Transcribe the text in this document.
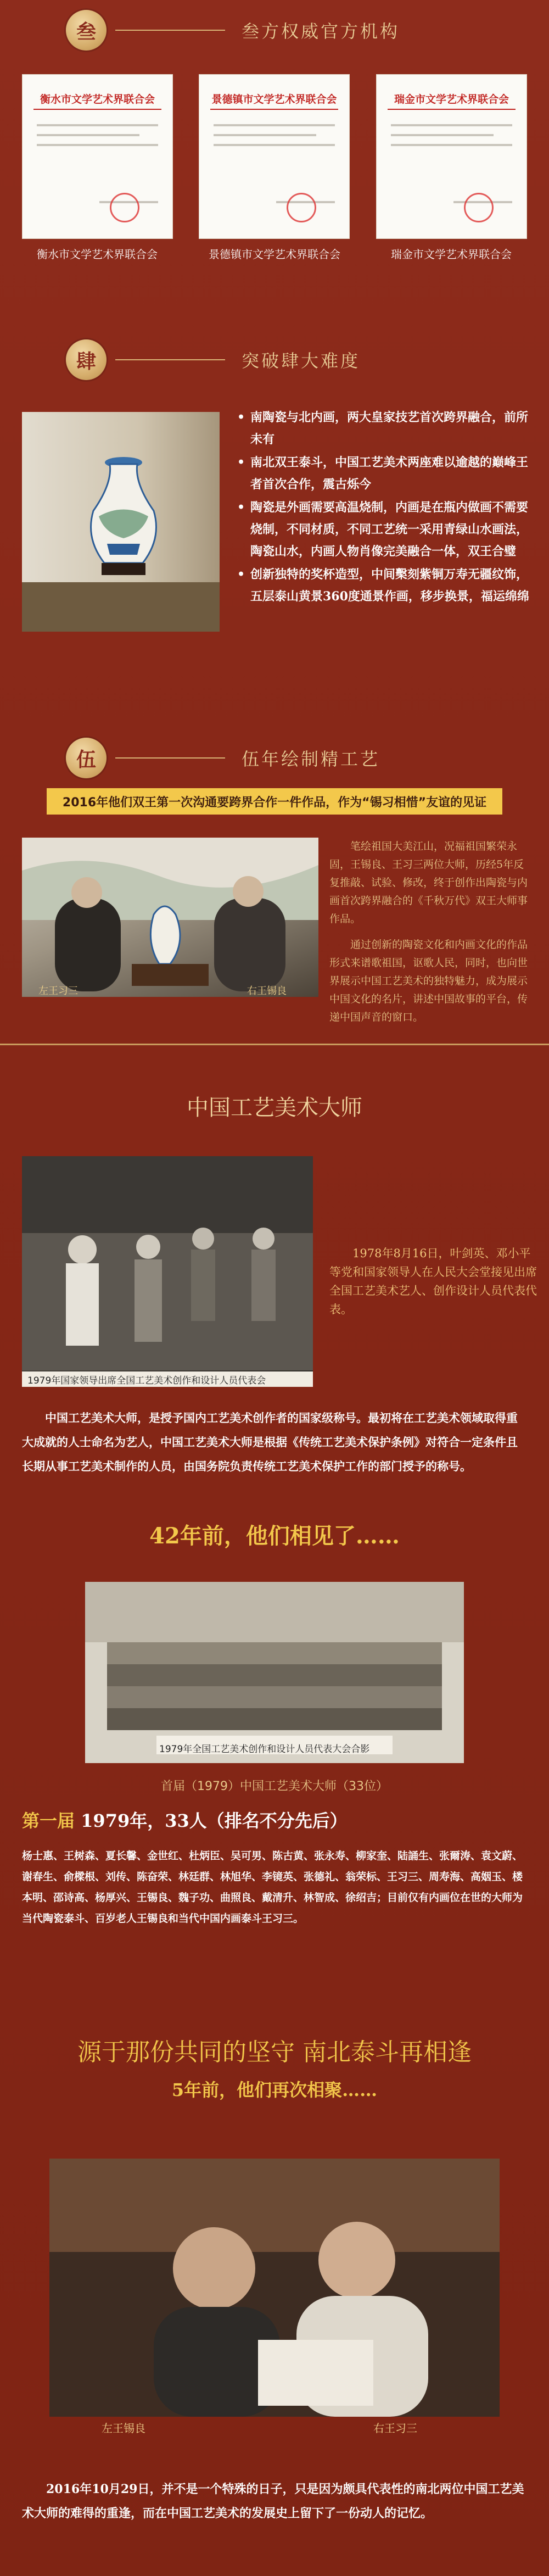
叁	叁方权威官方机构
衡水市文学艺术界联合会	景德镇市文学艺术界联合会	瑞金市文学艺术界联合会
衡水市文学艺术界联合会	景德镇市文学艺术界联合会	瑞金市文学艺术界联合会
肆	突破肆大难度
• 南陶瓷与北内画，两大皇家技艺首次跨界融合，前所未有
• 南北双王泰斗，中国工艺美术两座难以逾越的巅峰王者首次合作，震古烁今
• 陶瓷是外画需要高温烧制，内画是在瓶内做画不需要烧制，不同材质，不同工艺统一采用青绿山水画法，陶瓷山水，内画人物肖像完美融合一体，双王合璧
• 创新独特的奖杯造型，中间檕刻紫铜万寿无疆纹饰，五层泰山黄景360度通景作画，移步换景，福运绵绵
伍	伍年绘制精工艺
2016年他们双王第一次沟通要跨界合作一件作品，作为“锡习相惜”友谊的见证
左王习三	右王锡良

笔绘祖国大美江山，况福祖国繁荣永固，王锡良、王习三两位大师，历经5年反复推敲、试验、修改，终于创作出陶瓷与内画首次跨界融合的《千秋万代》双王大师事作品。

通过创新的陶瓷文化和内画文化的作品形式来谱歌祖国，讴歌人民，同时，也向世界展示中国工艺美术的独特魅力，成为展示中国文化的名片，讲述中国故事的平台，传递中国声音的窗口。

中国工艺美术大师
1979年国家领导出席全国工艺美术创作和设计人员代表会

1978年8月16日，叶剑英、邓小平等党和国家领导人在人民大会堂接见出席全国工艺美术艺人、创作设计人员代表代表。

中国工艺美术大师，是授予国内工艺美术创作者的国家级称号。最初将在工艺美术领域取得重大成就的人士命名为艺人，中国工艺美术大师是根据《传统工艺美术保护条例》对符合一定条件且长期从事工艺美术制作的人员，由国务院负责传统工艺美术保护工作的部门授予的称号。
42年前，他们相见了……
1979年全国工艺美术创作和设计人员代表大会合影
首届（1979）中国工艺美术大师（33位）
第一届 1979年，33人（排名不分先后）
杨士惠、王树森、夏长馨、金世红、杜炳臣、吴可男、陈古黄、张永寿、柳家奎、陆誦生、张爾涛、袁文蔚、谢春生、俞樑根、刘传、陈奋荣、林廷群、林旭华、李镜英、张德礼、翁荣标、王习三、周寿海、高姻玉、楼本明、邵诗高、杨厚兴、王锡良、魏子功、曲照良、戴清升、林智成、徐绍吉；目前仅有内画位在世的大师为当代陶瓷泰斗、百岁老人王锡良和当代中国内画泰斗王习三。
源于那份共同的坚守 南北泰斗再相逢
5年前，他们再次相聚……
左王锡良	右王习三
2016年10月29日，并不是一个特殊的日子，只是因为颇具代表性的南北两位中国工艺美术大师的难得的重逢，而在中国工艺美术的发展史上留下了一份动人的记忆。
